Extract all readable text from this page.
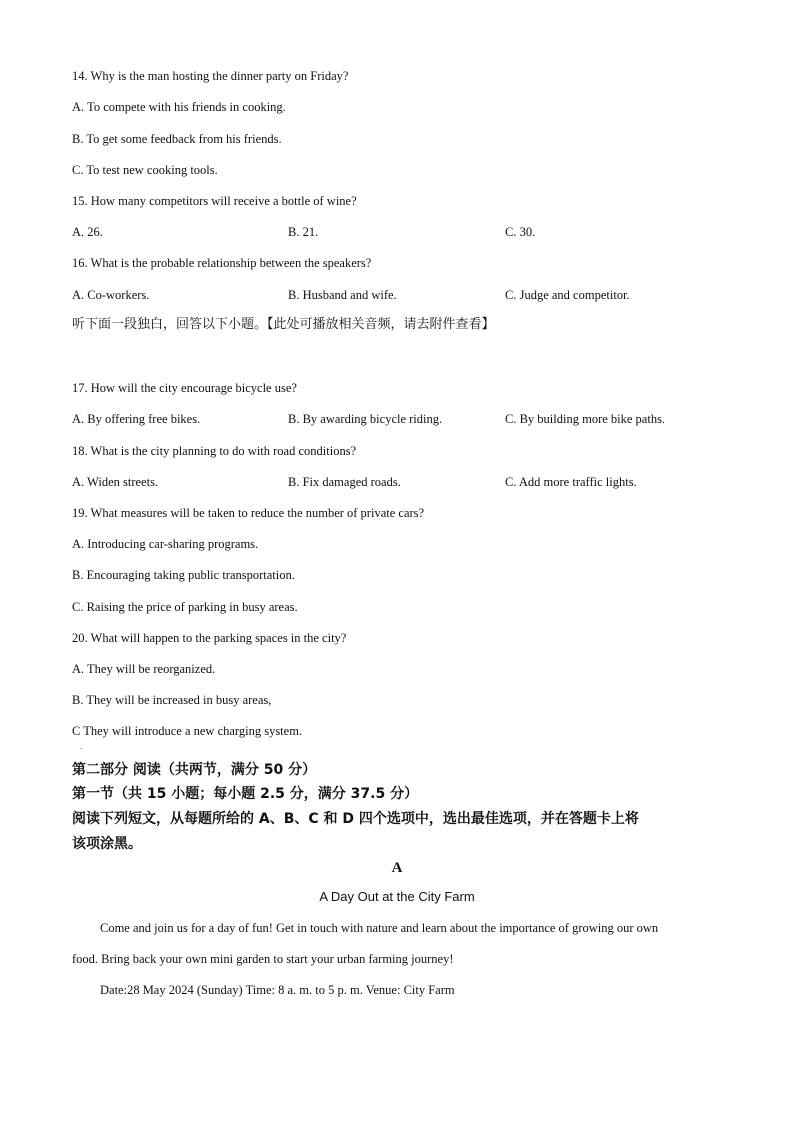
14. Why is the man hosting the dinner party on Friday?
A. To compete with his friends in cooking.
B. To get some feedback from his friends.
C. To test new cooking tools.
15. How many competitors will receive a bottle of wine?
A. 26.	B. 21.	C. 30.
16. What is the probable relationship between the speakers?
A. Co-workers.	B. Husband and wife.	C. Judge and competitor.
听下面一段独白，回答以下小题。【此处可播放相关音频，请去附件查看】
17. How will the city encourage bicycle use?
A. By offering free bikes.	B. By awarding bicycle riding.	C. By building more bike paths.
18. What is the city planning to do with road conditions?
A. Widen streets.	B. Fix damaged roads.	C. Add more traffic lights.
19. What measures will be taken to reduce the number of private cars?
A. Introducing car-sharing programs.
B. Encouraging taking public transportation.
C. Raising the price of parking in busy areas.
20. What will happen to the parking spaces in the city?
A. They will be reorganized.
B. They will be increased in busy areas,
C They will introduce a new charging system.
.
第二部分 阅读（共两节，满分 50 分）
第一节（共 15 小题；每小题 2.5 分，满分 37.5 分）
阅读下列短文，从每题所给的 A、B、C 和 D 四个选项中，选出最佳选项，并在答题卡上将
该项涂黑。
A
A Day Out at the City Farm
Come and join us for a day of fun! Get in touch with nature and learn about the importance of growing our own
food. Bring back your own mini garden to start your urban farming journey!
Date:28 May 2024 (Sunday) Time: 8 a. m. to 5 p. m. Venue: City Farm
